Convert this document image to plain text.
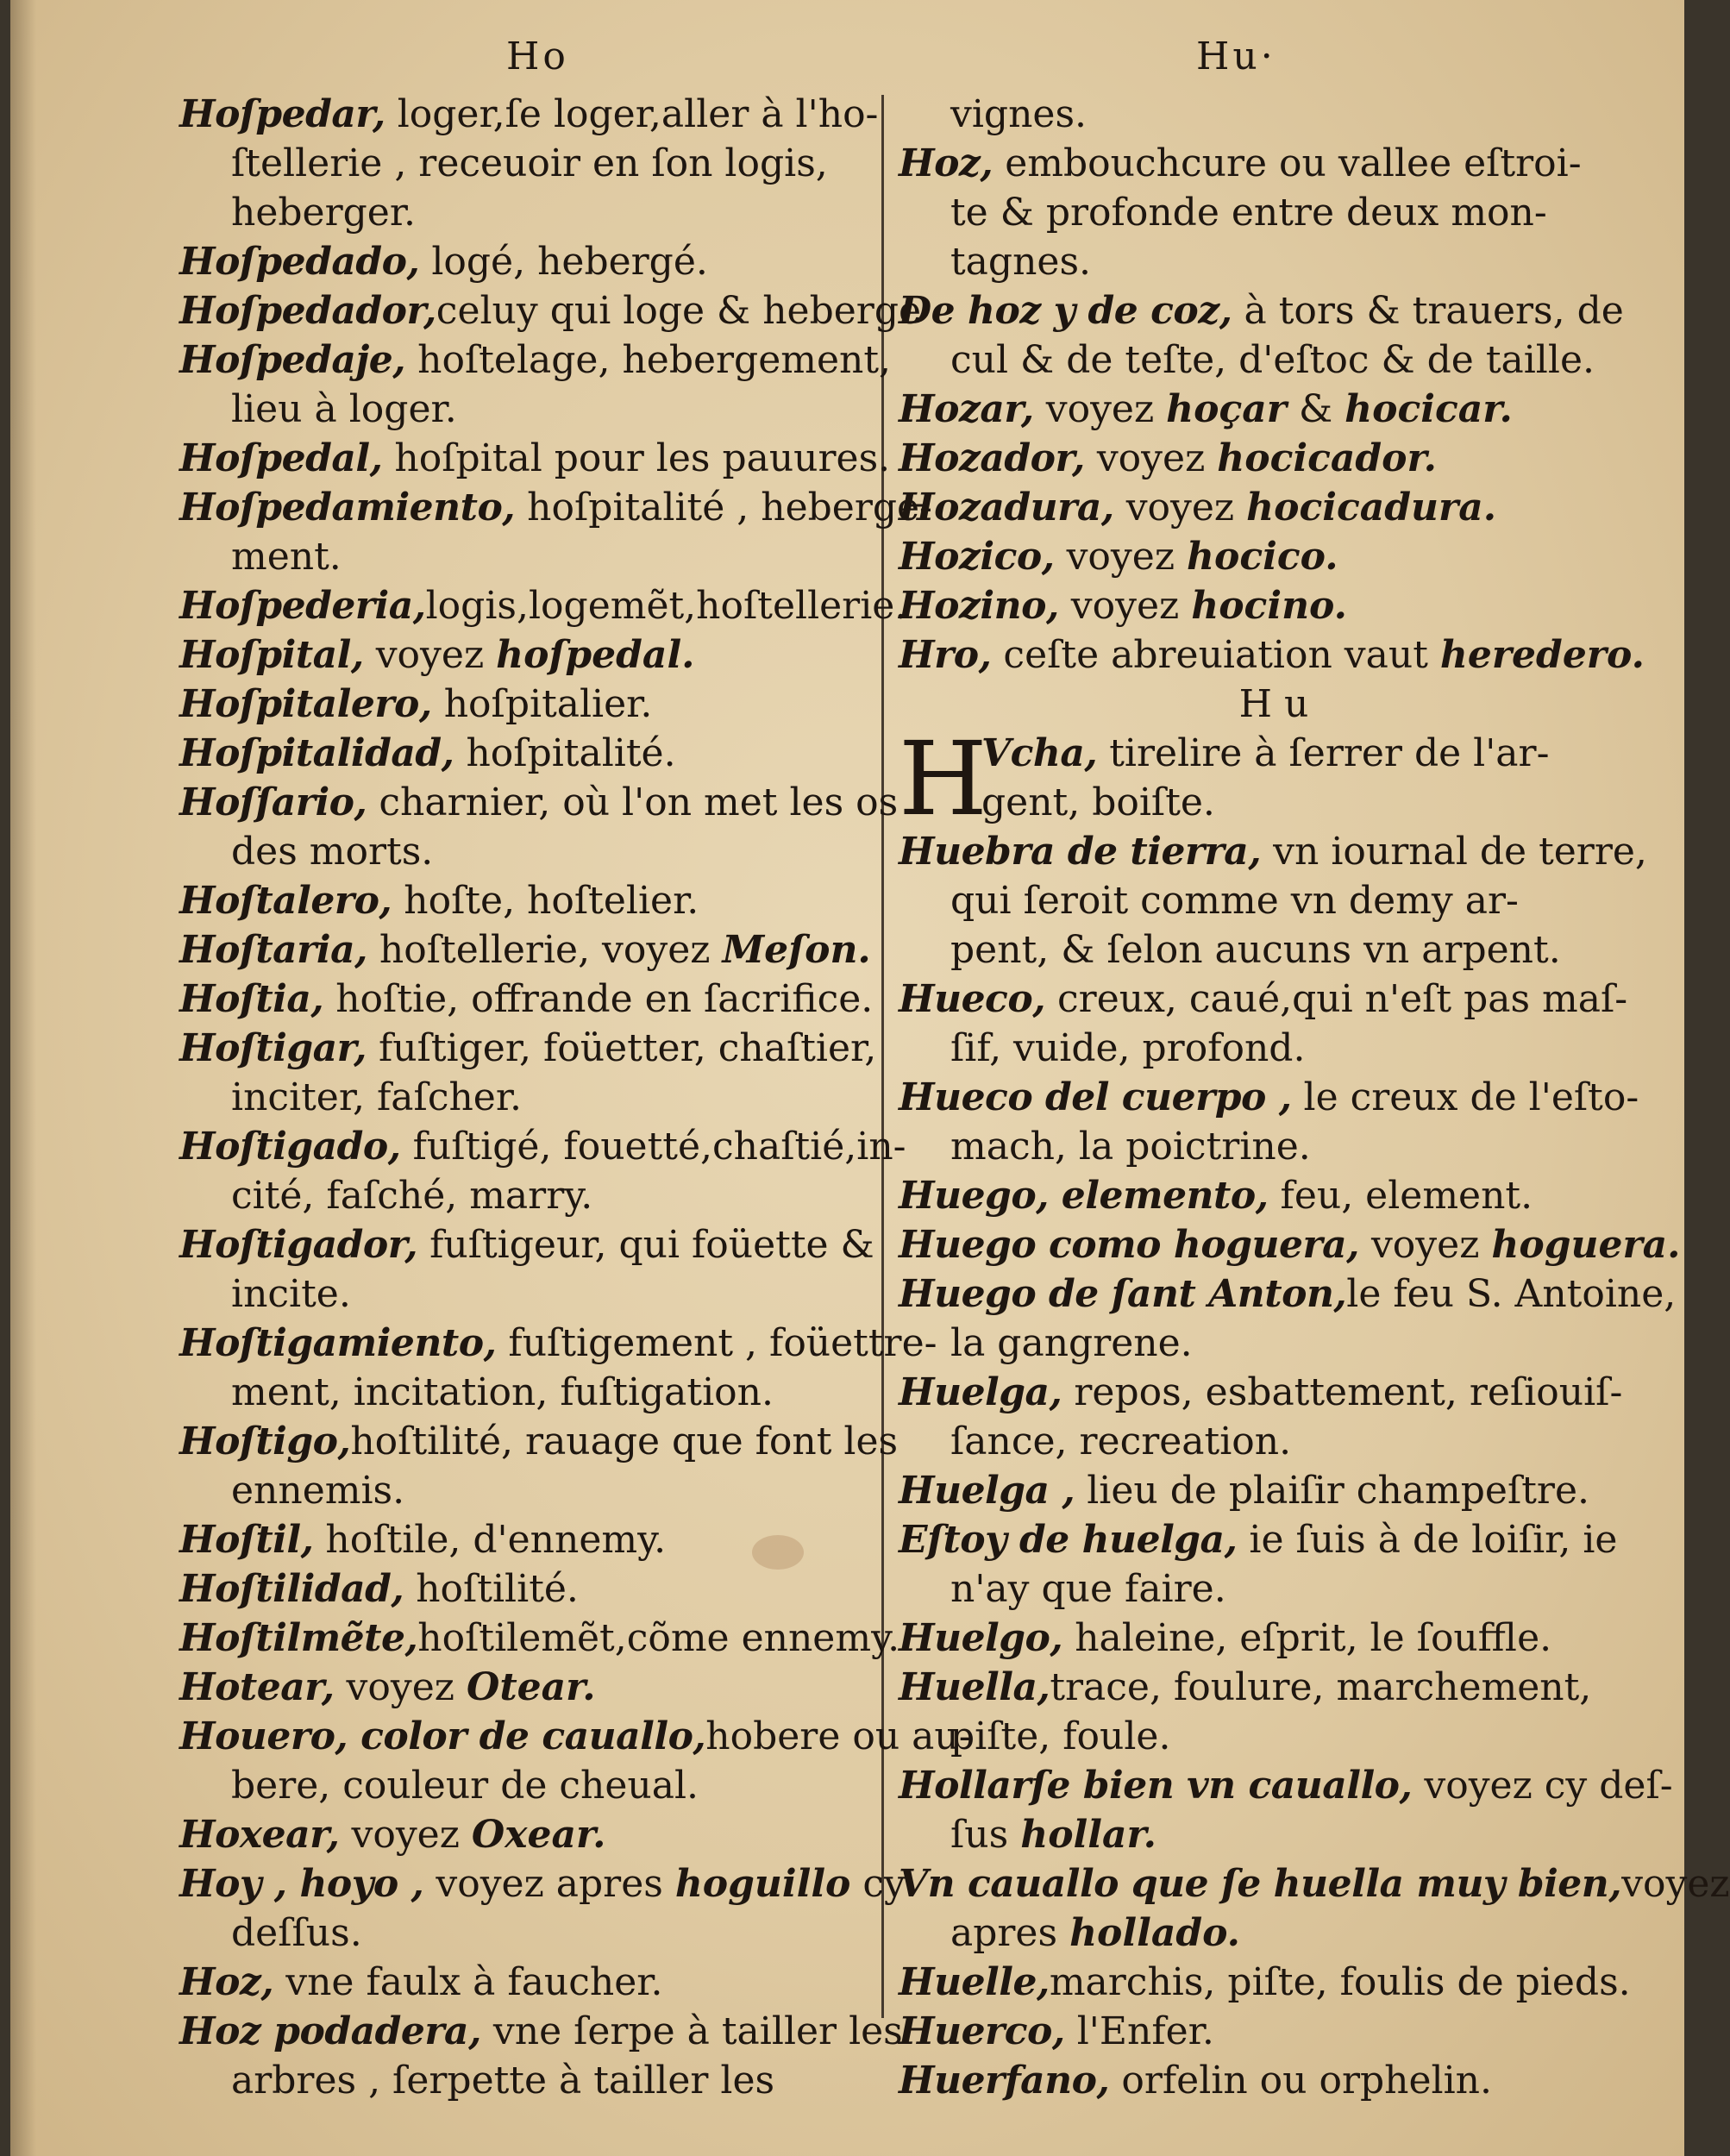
Ho	Hu·

Hoſpedar, loger,ſe loger,aller à l'ho-

ſtellerie , receuoir en ſon logis,

heberger.

Hoſpedado, logé, hebergé.

Hoſpedador,celuy qui loge & heberge

Hoſpedaje, hoſtelage, hebergement,

lieu à loger.

Hoſpedal, hoſpital pour les pauures.

Hoſpedamiento, hoſpitalité , heberge-

ment.

Hoſpederia,logis,logemẽt,hoſtellerie.

Hoſpital, voyez hoſpedal.

Hoſpitalero, hoſpitalier.

Hoſpitalidad, hoſpitalité.

Hoſſario, charnier, où l'on met les os

des morts.

Hoſtalero, hoſte, hoſtelier.

Hoſtaria, hoſtellerie, voyez Meſon.

Hoſtia, hoſtie, offrande en ſacrifice.

Hoſtigar, fuſtiger, foüetter, chaſtier,

inciter, faſcher.

Hoſtigado, fuſtigé, fouetté,chaſtié,in-

cité, faſché, marry.

Hoſtigador, fuſtigeur, qui foüette &

incite.

Hoſtigamiento, fuſtigement , foüettre-

ment, incitation, fuſtigation.

Hoſtigo,hoſtilité, rauage que font les

ennemis.

Hoſtil, hoſtile, d'ennemy.

Hoſtilidad, hoſtilité.

Hoſtilmẽte,hoſtilemẽt,cõme ennemy.

Hotear, voyez Otear.

Houero, color de cauallo,hobere ou au-

bere, couleur de cheual.

Hoxear, voyez Oxear.

Hoy , hoyo , voyez apres hoguillo cy

deſſus.

Hoz, vne faulx à faucher.

Hoz podadera, vne ſerpe à tailler les

arbres , ſerpette à tailler les

vignes.

Hoz, embouchcure ou vallee eſtroi-

te & profonde entre deux mon-

tagnes.

De hoz y de coz, à tors & trauers, de

cul & de teſte, d'eſtoc & de taille.

Hozar, voyez hoçar & hocicar.

Hozador, voyez hocicador.

Hozadura, voyez hocicadura.

Hozico, voyez hocico.

Hozino, voyez hocino.

Hro, ceſte abreuiation vaut heredero.

H u

H
Vcha, tirelire à ſerrer de l'ar-

gent, boiſte.

Huebra de tierra, vn iournal de terre,

qui ſeroit comme vn demy ar-

pent, & ſelon aucuns vn arpent.

Hueco, creux, caué,qui n'eſt pas maſ-

ſif, vuide, profond.

Hueco del cuerpo , le creux de l'eſto-

mach, la poictrine.

Huego, elemento, feu, element.

Huego como hoguera, voyez hoguera.

Huego de ſant Anton,le feu S. Antoine,

la gangrene.

Huelga, repos, esbattement, reſiouiſ-

ſance, recreation.

Huelga , lieu de plaiſir champeſtre.

Eſtoy de huelga, ie ſuis à de loiſir, ie

n'ay que faire.

Huelgo, haleine, eſprit, le ſouffle.

Huella,trace, foulure, marchement,

piſte, foule.

Hollarſe bien vn cauallo, voyez cy deſ-

ſus hollar.

Vn cauallo que ſe huella muy bien,voyez

apres hollado.

Huelle,marchis, piſte, foulis de pieds.

Huerco, l'Enfer.

Huerfano, orfelin ou orphelin.
